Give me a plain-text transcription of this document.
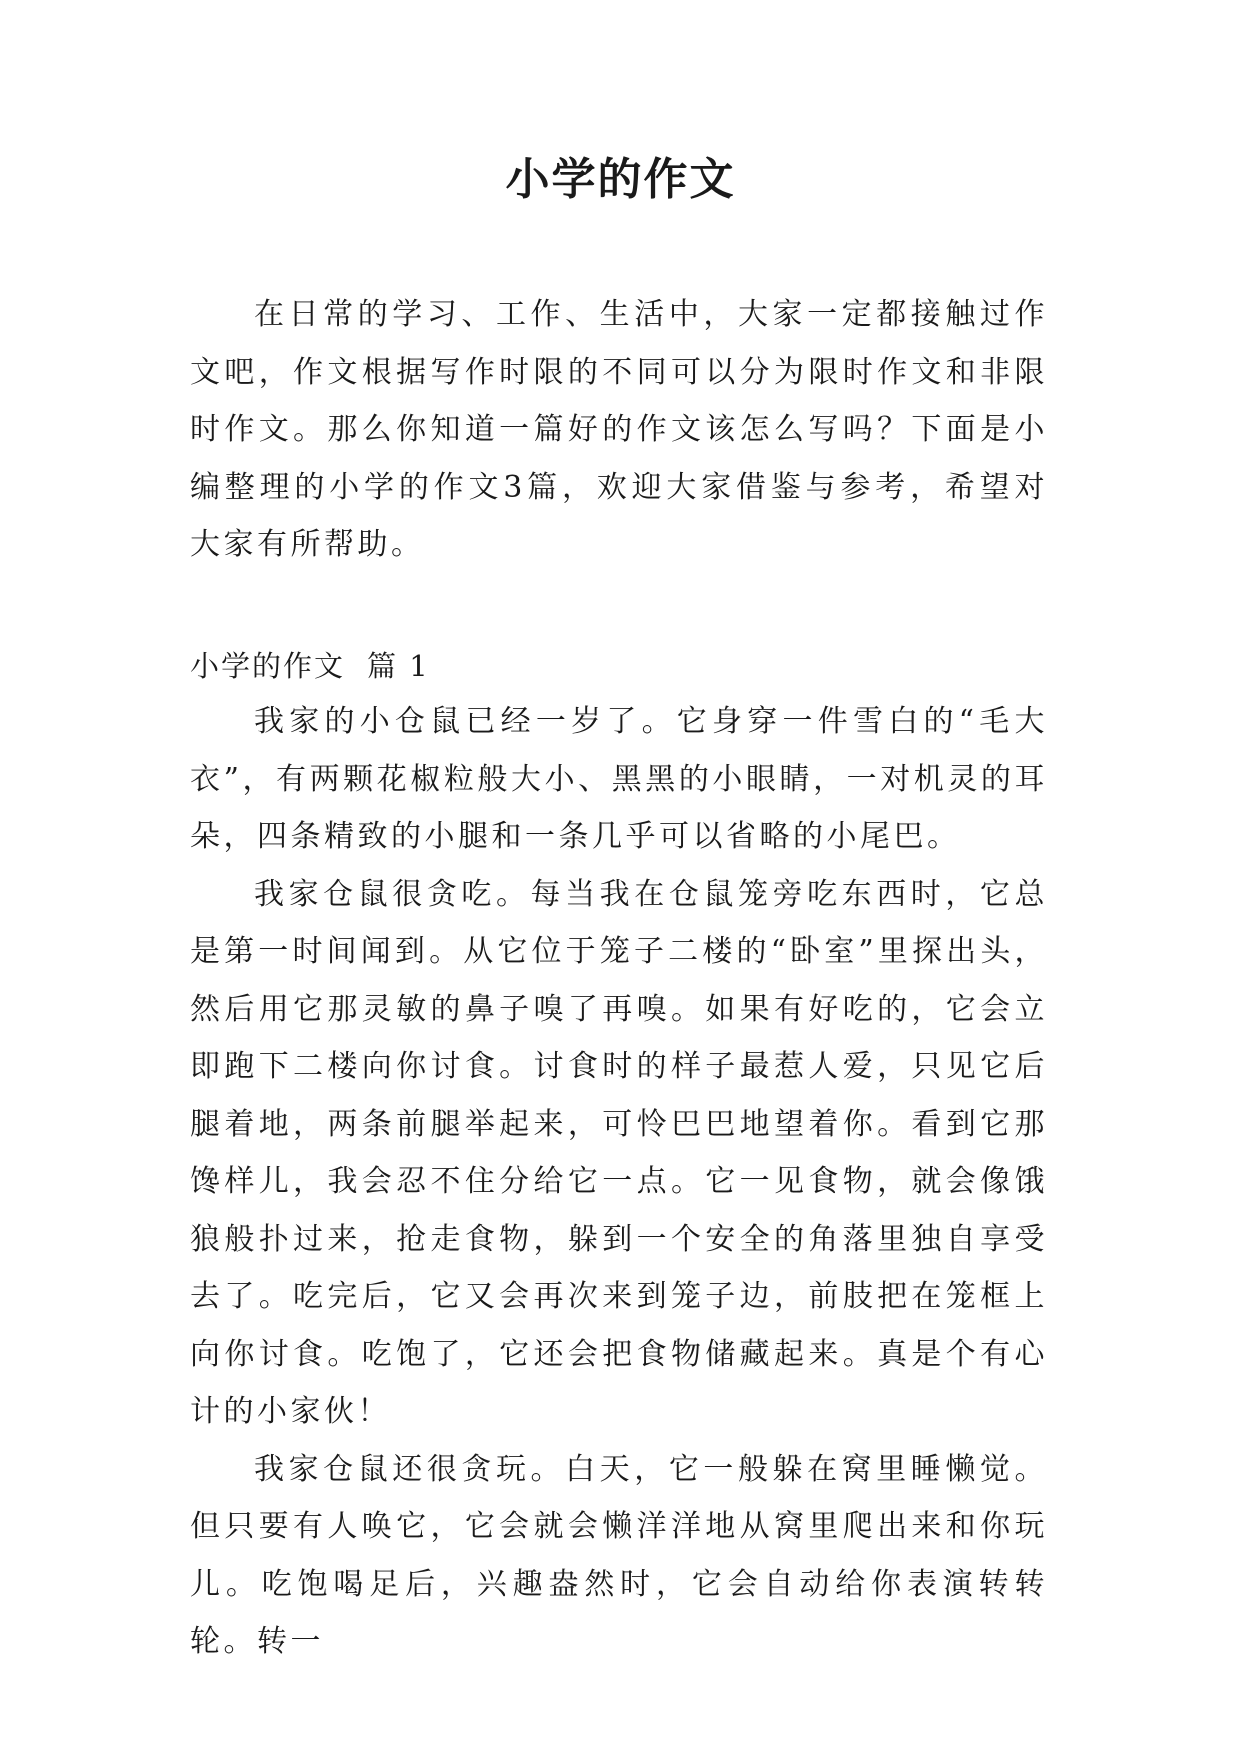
小学的作文

在日常的学习、工作、生活中，大家一定都接触过作文吧，作文根据写作时限的不同可以分为限时作文和非限时作文。那么你知道一篇好的作文该怎么写吗？下面是小编整理的小学的作文3篇，欢迎大家借鉴与参考，希望对大家有所帮助。

小学的作文 篇 1

我家的小仓鼠已经一岁了。它身穿一件雪白的“毛大衣”，有两颗花椒粒般大小、黑黑的小眼睛，一对机灵的耳朵，四条精致的小腿和一条几乎可以省略的小尾巴。

我家仓鼠很贪吃。每当我在仓鼠笼旁吃东西时，它总是第一时间闻到。从它位于笼子二楼的“卧室”里探出头，然后用它那灵敏的鼻子嗅了再嗅。如果有好吃的，它会立即跑下二楼向你讨食。讨食时的样子最惹人爱，只见它后腿着地，两条前腿举起来，可怜巴巴地望着你。看到它那馋样儿，我会忍不住分给它一点。它一见食物，就会像饿狼般扑过来，抢走食物，躲到一个安全的角落里独自享受去了。吃完后，它又会再次来到笼子边，前肢把在笼框上向你讨食。吃饱了，它还会把食物储藏起来。真是个有心计的小家伙！

我家仓鼠还很贪玩。白天，它一般躲在窝里睡懒觉。但只要有人唤它，它会就会懒洋洋地从窝里爬出来和你玩儿。吃饱喝足后，兴趣盎然时，它会自动给你表演转转轮。转一
